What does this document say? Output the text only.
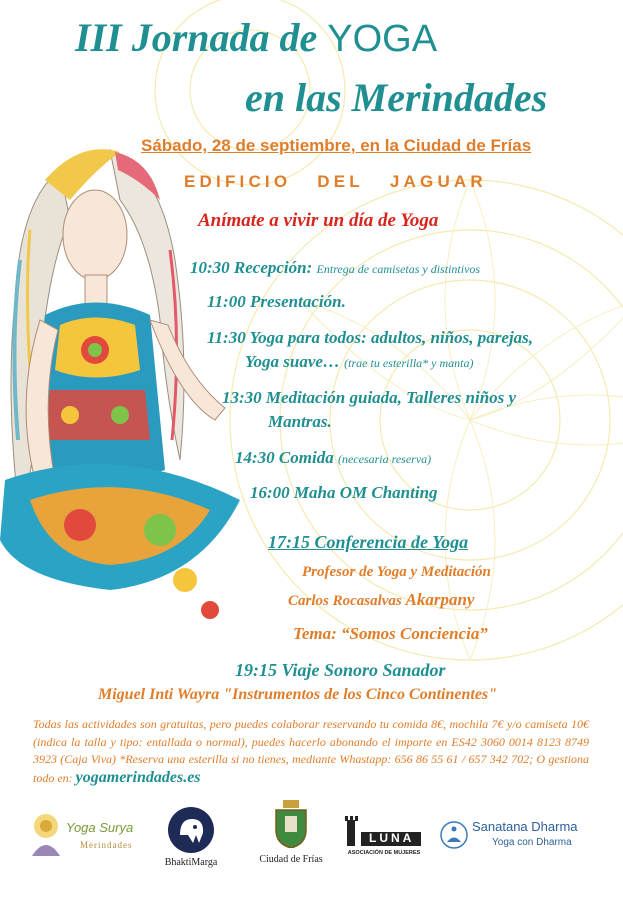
III Jornada de YOGA
en las Merindades
Sábado, 28 de septiembre, en la Ciudad de Frías
EDIFICIO DEL JAGUAR
Anímate a vivir un día de Yoga
10:30 Recepción: Entrega de camisetas y distintivos
11:00 Presentación.
11:30 Yoga para todos: adultos, niños, parejas,
Yoga suave… (trae tu esterilla* y manta)
13:30 Meditación guiada, Talleres niños y
Mantras.
14:30 Comida (necesaria reserva)
16:00 Maha OM Chanting
17:15 Conferencia de Yoga
Profesor de Yoga y Meditación
Carlos Rocasalvas Akarpany
Tema: “Somos Conciencia”
19:15 Viaje Sonoro Sanador
Miguel Inti Wayra "Instrumentos de los Cinco Continentes"
Todas las actividades son gratuitas, pero puedes colaborar reservando tu comida 8€, mochila 7€ y/o camiseta 10€ (indica la talla y tipo: entallada o normal), puedes hacerlo abonando el importe en ES42 3060 0014 8123 8749 3923 (Caja Viva) *Reserva una esterilla si no tienes, mediante Whastapp: 656 86 55 61 / 657 342 702; O gestiona todo en: yogamerindades.es
Yoga Surya
Merindades
BhaktiMarga	Ciudad de Frías
LUNA
ASOCIACIÓN DE MUJERES
Sanatana Dharma
Yoga con Dharma
